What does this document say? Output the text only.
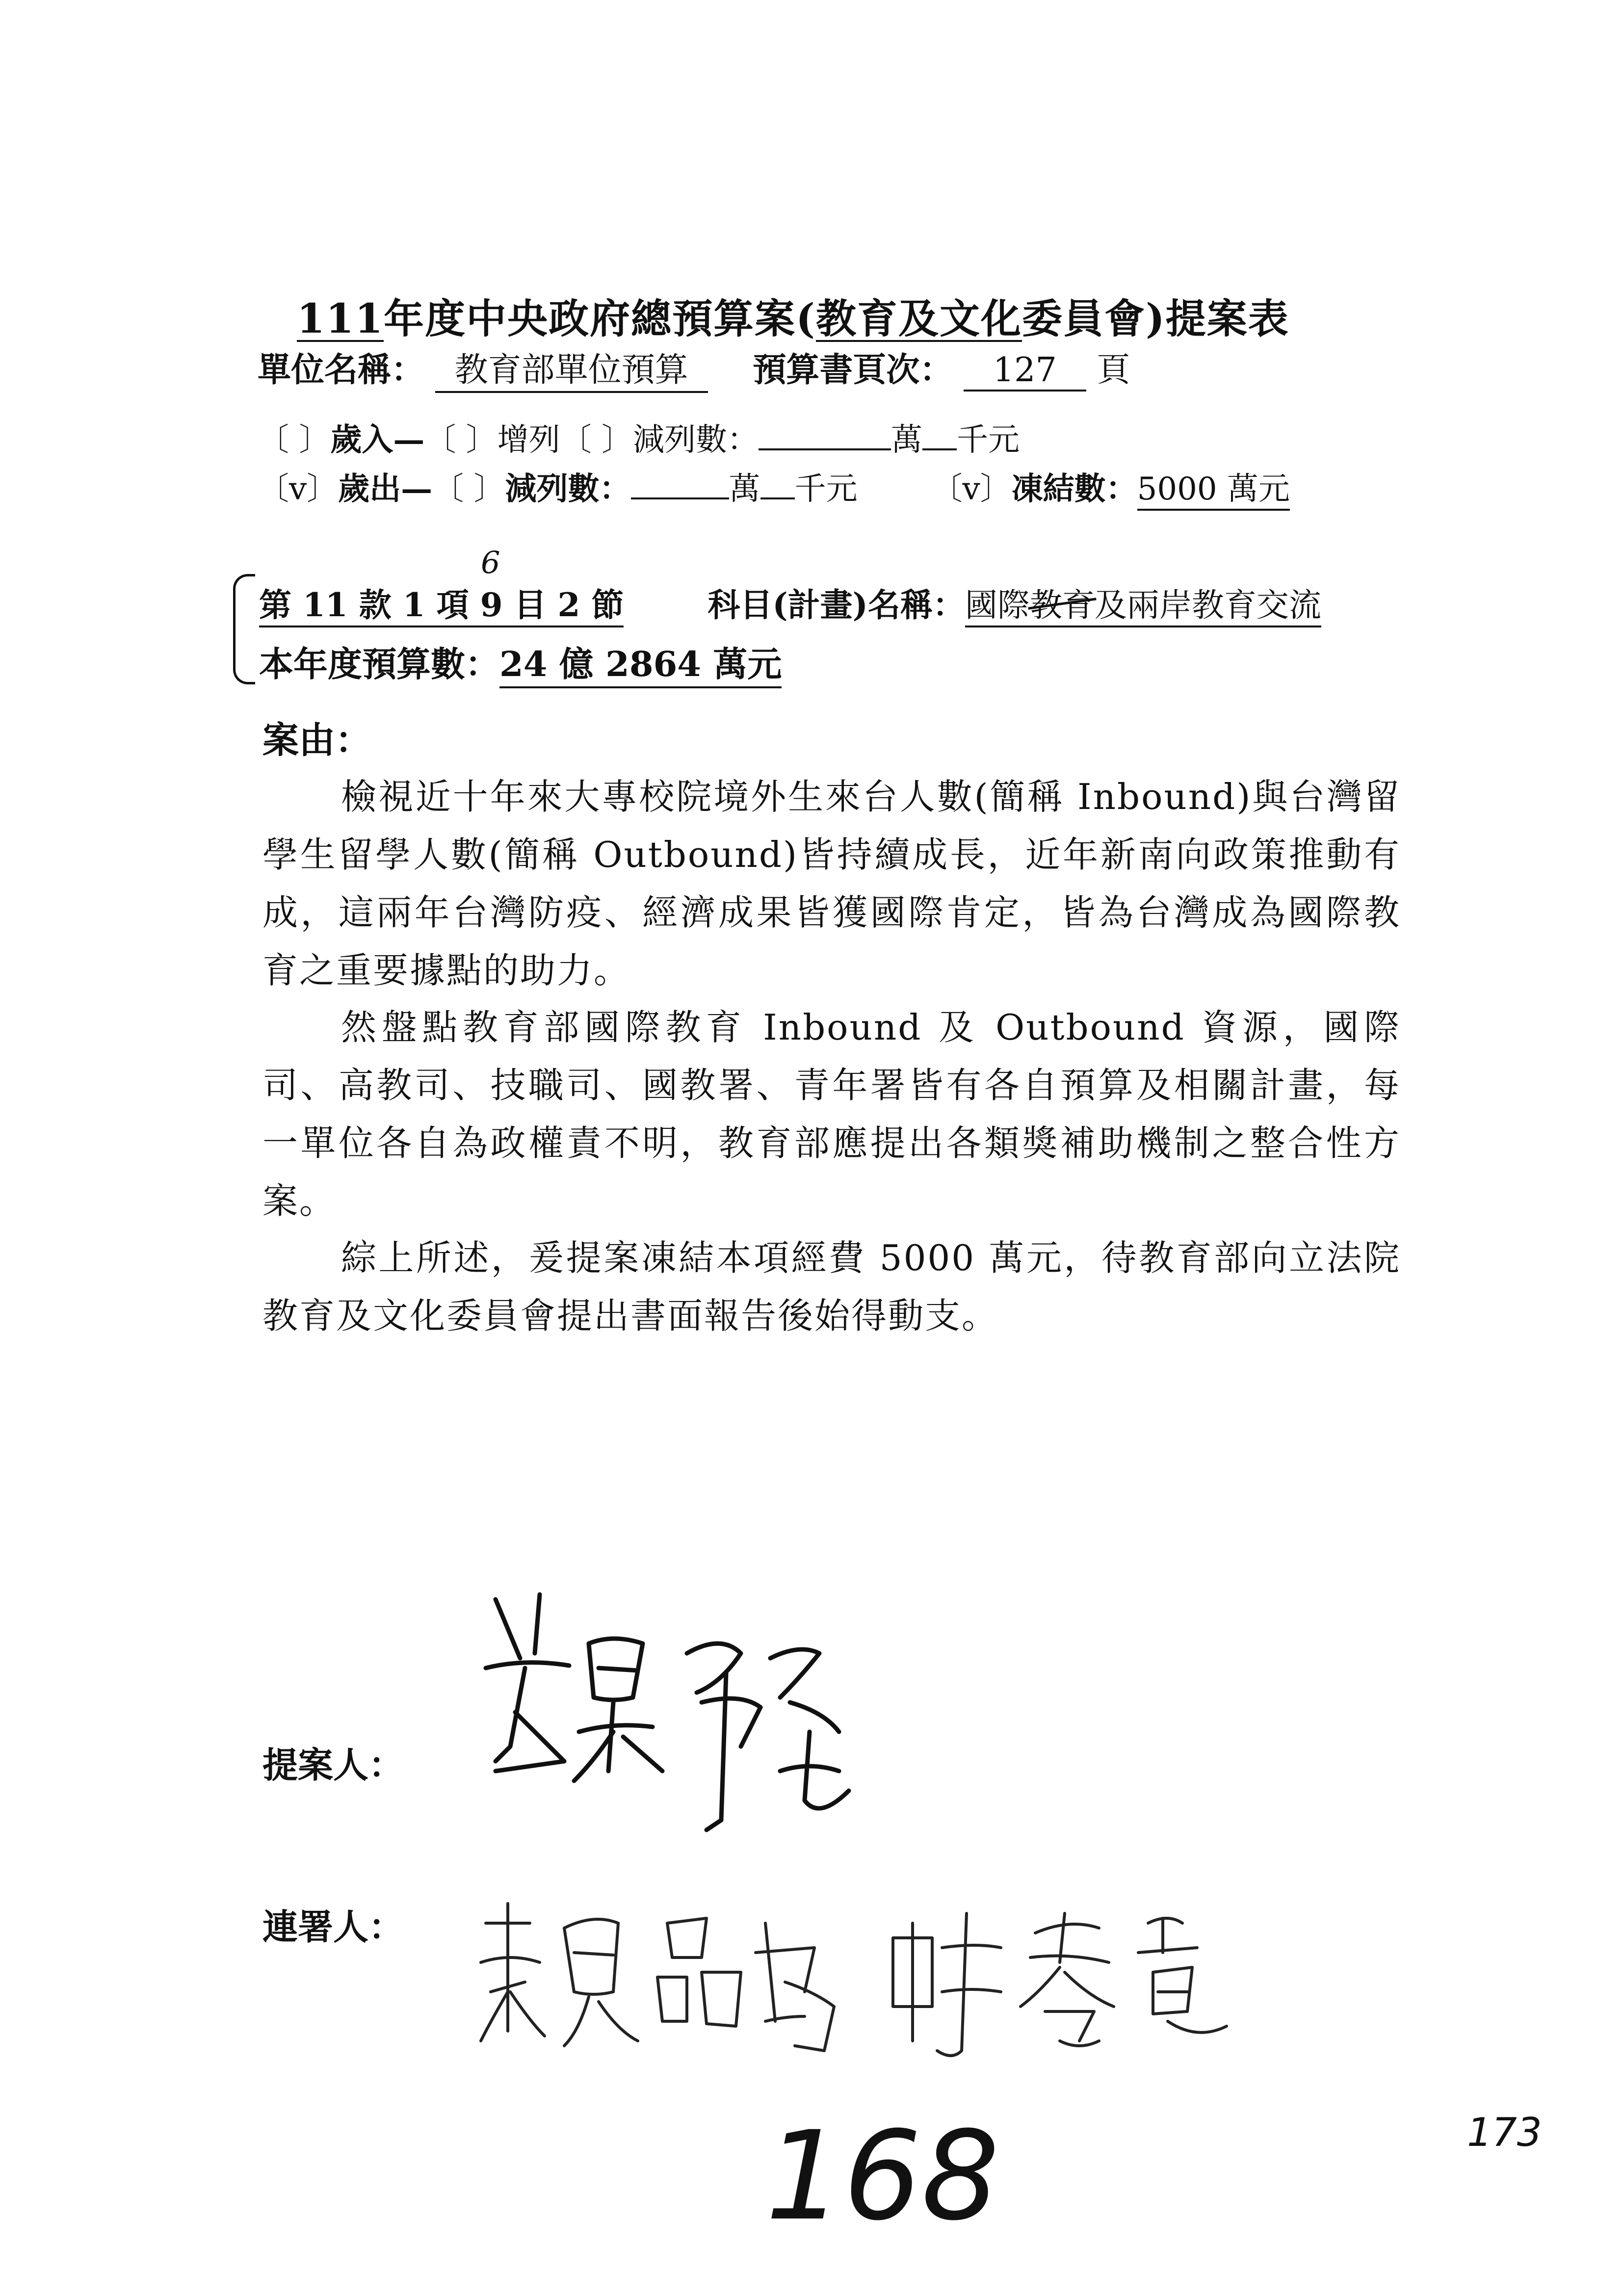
111年度中央政府總預算案(教育及文化委員會)提案表
單位名稱： 教育部單位預算 預算書頁次： 127 頁
〔 〕歲入—〔 〕增列〔 〕減列數：	萬 千元
〔v〕歲出—〔 〕減列數：	萬 千元 〔v〕凍結數：5000 萬元
6
第 11 款 1 項 9 目 2 節	科目(計畫)名稱：國際教育及兩岸教育交流
本年度預算數：24 億 2864 萬元
案由：
檢視近十年來大專校院境外生來台人數(簡稱 Inbound)與台灣留學生留學人數(簡稱 Outbound)皆持續成長，近年新南向政策推動有成，這兩年台灣防疫、經濟成果皆獲國際肯定，皆為台灣成為國際教育之重要據點的助力。
然盤點教育部國際教育 Inbound 及 Outbound 資源，國際司、高教司、技職司、國教署、青年署皆有各自預算及相關計畫，每一單位各自為政權責不明，教育部應提出各類獎補助機制之整合性方案。
綜上所述，爰提案凍結本項經費 5000 萬元，待教育部向立法院教育及文化委員會提出書面報告後始得動支。
提案人：
連署人：
168	173
